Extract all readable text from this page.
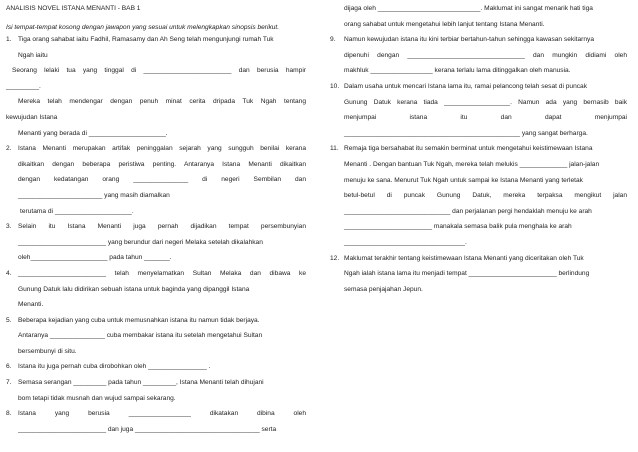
ANALISIS NOVEL ISTANA MENANTI - BAB 1
Isi tempat-tempat kosong dengan jawapon yang sesuai untuk melengkapkan sinopsis berikut.
1. Tiga orang sahabat iaitu Fadhil, Ramasamy dan Ah Seng telah mengunjungi rumah Tuk
Ngah iaitu
Seorang lelaki tua yang tinggal di ________________________ dan berusia hampir
_________.
Mereka telah mendengar dengan penuh minat cerita dripada Tuk Ngah tentang
kewujudan Istana
Menanti yang berada di _____________________.
2. Istana Menanti merupakan artifak peninggalan sejarah yang sungguh benilai kerana
dikaitkan dengan beberapa peristiwa penting. Antaranya Istana Menanti dikaitkan
dengan kedatangan orang _______________ di negeri Sembilan dan
_______________________ yang masih diamalkan
terutama di _____________________.
3. Selain itu Istana Menanti juga pernah dijadikan tempat persembunyian
________________________ yang berundur dari negeri Melaka setelah dikalahkan
oleh_____________________ pada tahun _______.
4. ________________________ telah menyelamatkan Sultan Melaka dan dibawa ke
Gunung Datuk lalu didirikan sebuah istana untuk baginda yang dipanggil Istana
Menanti.
5. Beberapa kejadian yang cuba untuk memusnahkan istana itu namun tidak berjaya.
Antaranya _______________ cuba membakar istana itu setelah mengetahui Sultan
bersembunyi di situ.
6. Istana itu juga pernah cuba dirobohkan oleh ________________ .
7. Semasa serangan _________ pada tahun _________, Istana Menanti telah dihujani
bom tetapi tidak musnah dan wujud sampai sekarang.
8. Istana yang berusia _________________ dikatakan dibina oleh
________________________ dan juga __________________________________ serta
dijaga oleh ____________________________. Maklumat ini sangat menarik hati tiga
orang sahabat untuk mengetahui lebih lanjut tentang Istana Menanti.
9.	Namun kewujudan istana itu kini terbiar bertahun-tahun sehingga kawasan sekitarnya
dipenuhi dengan ________________________________ dan mungkin didiami oleh
makhluk _________________ kerana terlalu lama ditinggalkan oleh manusia.
10. Dalam usaha untuk mencari Istana lama itu, ramai pelancong telah sesat di puncak
Gunung Datuk kerana tiada __________________. Namun ada yang bernasib baik
menjumpai istana itu dan dapat menjumpai
________________________________________________ yang sangat berharga.
11. Remaja tiga bersahabat itu semakin berminat untuk mengetahui keistimewaan Istana
Menanti . Dengan bantuan Tuk Ngah, mereka telah melukis _____________ jalan-jalan
menuju ke sana. Menurut Tuk Ngah untuk sampai ke Istana Menanti yang terletak
betul-betul di puncak Gunung Datuk, mereka terpaksa mengikut jalan
_____________________________ dan perjalanan pergi hendaklah menuju ke arah
________________________ manakala semasa balik pula menghala ke arah
_________________________________.
12. Maklumat terakhir tentang keistimewaan Istana Menanti yang diceritakan oleh Tuk
Ngah ialah istana lama itu menjadi tempat ________________________ berlindung
semasa penjajahan Jepun.
